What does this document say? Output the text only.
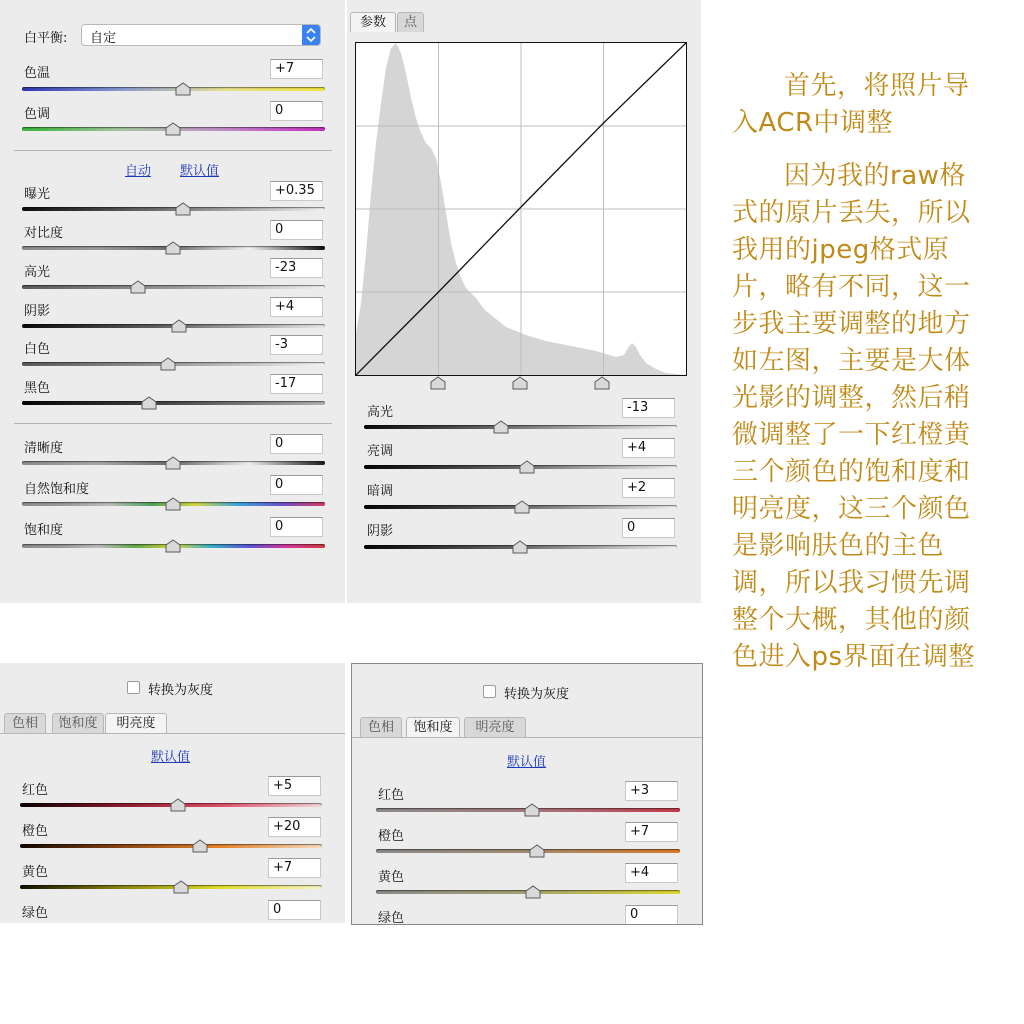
白平衡: 自定
色温	+7
色调	0
自动 默认值
曝光	+0.35
对比度	0
高光	-23
阴影	+4
白色	-3
黑色	-17
清晰度	0
自然饱和度	0
饱和度	0
参数	点
高光	-13
亮调	+4
暗调	+2
阴影	0
转换为灰度
色相	饱和度	明亮度
默认值
红色	+5
橙色	+20
黄色	+7
绿色	0
转换为灰度
色相	饱和度	明亮度
默认值
红色	+3
橙色	+7
黄色	+4
绿色	0

首先，将照片导入ACR中调整

因为我的raw格式的原片丢失，所以我用的jpeg格式原片，略有不同，这一步我主要调整的地方如左图，主要是大体光影的调整，然后稍微调整了一下红橙黄三个颜色的饱和度和明亮度，这三个颜色是影响肤色的主色调，所以我习惯先调整个大概，其他的颜色进入ps界面在调整
